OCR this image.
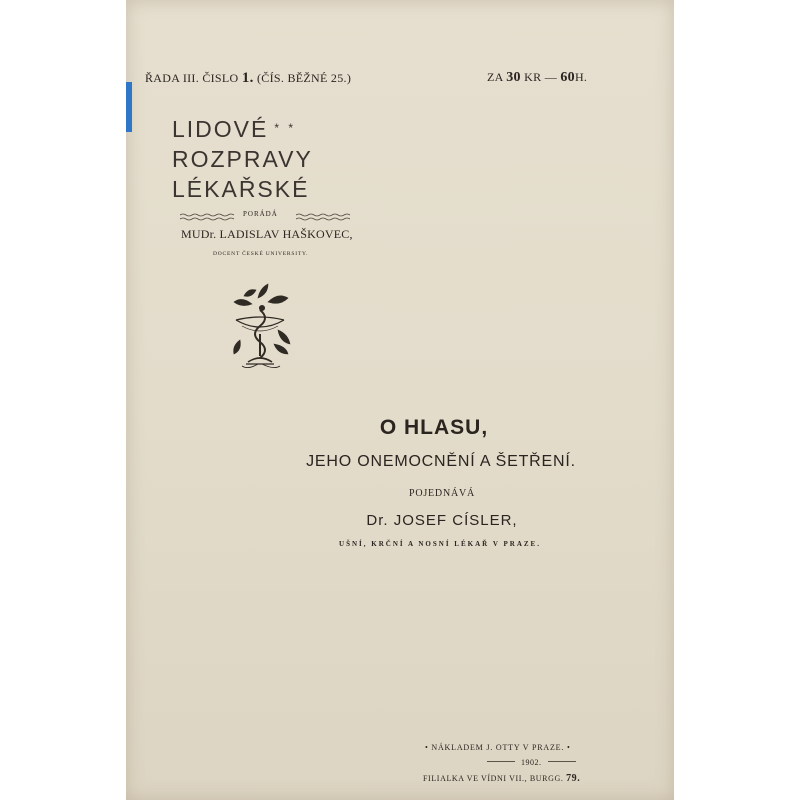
ŘADA III. ČISLO 1. (ČÍS. BĚŽNÉ 25.)	ZA 30 KR — 60H.
LIDOVÉ * *
ROZPRAVY
LÉKAŘSKÉ
PORÁDÁ
MUDr. LADISLAV HAŠKOVEC,
DOCENT ČESKÉ UNIVERSITY.
O HLASU,
JEHO ONEMOCNĚNÍ A ŠETŘENÍ.
POJEDNÁVÁ
Dr. JOSEF CÍSLER,
UŠNÍ, KRČNÍ A NOSNÍ LÉKAŘ V PRAZE.
• NÁKLADEM J. OTTY V PRAZE. •
1902.
FILIALKA VE VÍDNI VII., BURGG. 79.
